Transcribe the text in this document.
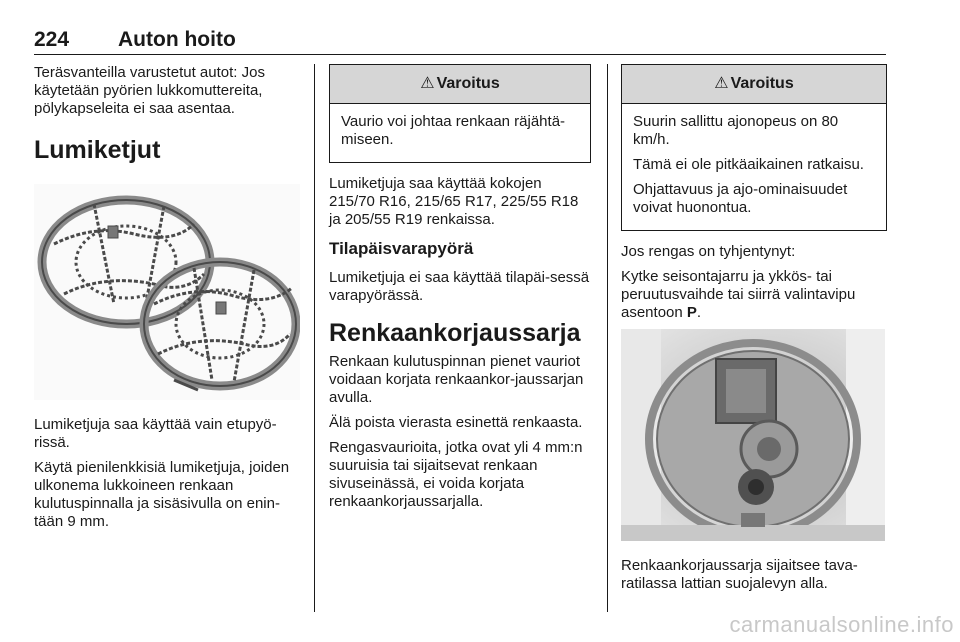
224 Auton hoito

Teräsvanteilla varustetut autot: Jos käytetään pyörien lukkomuttereita, pölykapseleita ei saa asentaa.

Lumiketjut

Lumiketjuja saa käyttää vain etupyö-rissä.

Käytä pienilenkkisiä lumiketjuja, joiden ulkonema lukkoineen renkaan kulutuspinnalla ja sisäsivulla on enin-tään 9 mm.

⚠ Varoitus

Vaurio voi johtaa renkaan räjähtä-miseen.

Lumiketjuja saa käyttää kokojen 215/70 R16, 215/65 R17, 225/55 R18 ja 205/55 R19 renkaissa.

Tilapäisvarapyörä

Lumiketjuja ei saa käyttää tilapäi-sessä varapyörässä.

Renkaankorjaussarja

Renkaan kulutuspinnan pienet vauriot voidaan korjata renkaankor-jaussarjan avulla.

Älä poista vierasta esinettä renkaasta.

Rengasvaurioita, jotka ovat yli 4 mm:n suuruisia tai sijaitsevat renkaan sivuseinässä, ei voida korjata renkaankorjaussarjalla.

⚠ Varoitus

Suurin sallittu ajonopeus on 80 km/h.

Tämä ei ole pitkäaikainen ratkaisu.

Ohjattavuus ja ajo-ominaisuudet voivat huonontua.

Jos rengas on tyhjentynyt:

Kytke seisontajarru ja ykkös- tai peruutusvaihde tai siirrä valintavipu asentoon P.

Renkaankorjaussarja sijaitsee tava-ratilassa lattian suojalevyn alla.

carmanualsonline.info
